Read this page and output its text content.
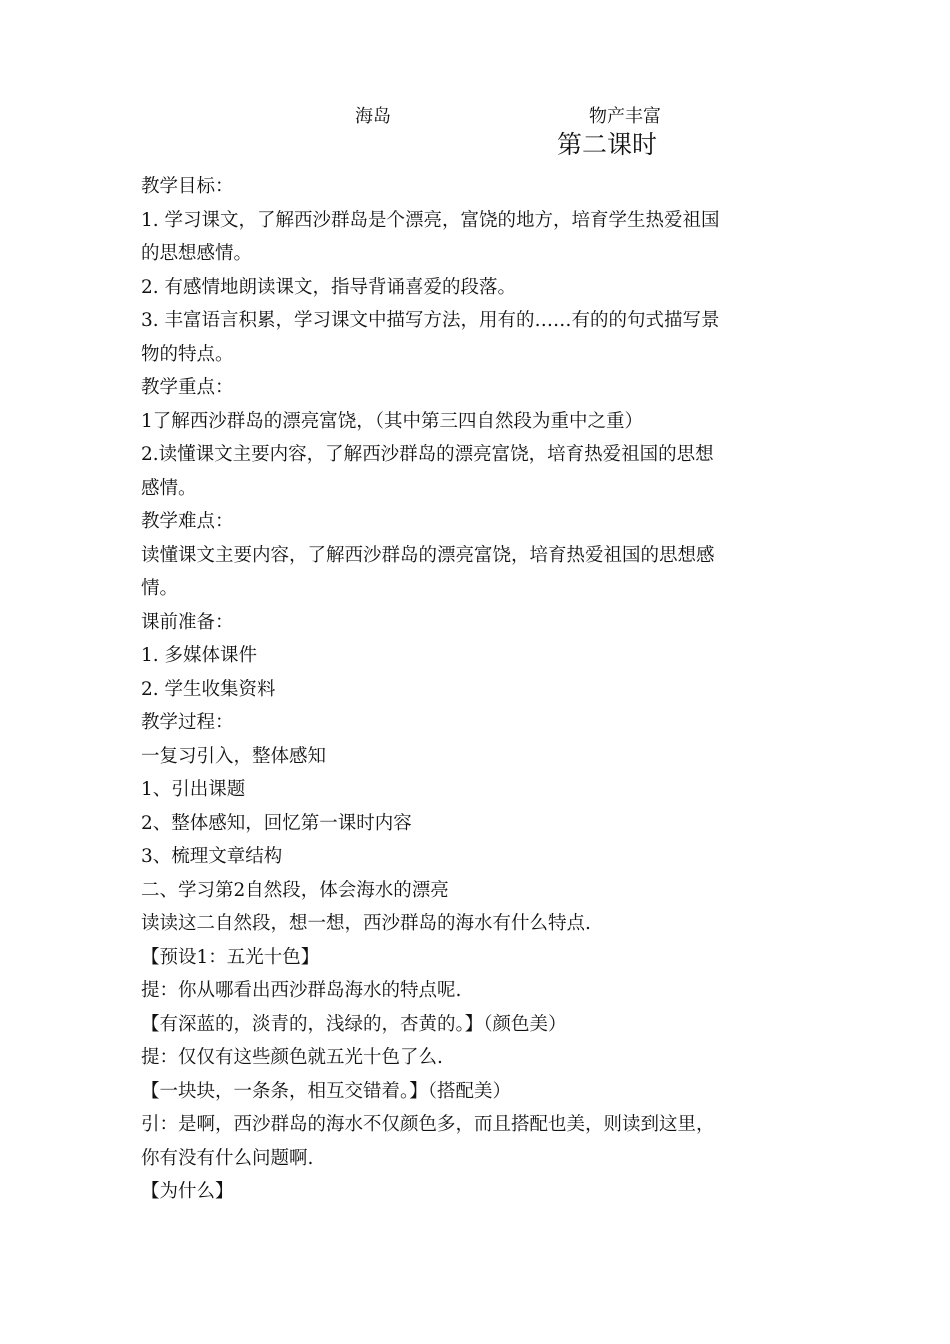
海岛	物产丰富
第二课时
教学目标：
1. 学习课文，了解西沙群岛是个漂亮，富饶的地方，培育学生热爱祖国
的思想感情。
2. 有感情地朗读课文，指导背诵喜爱的段落。
3. 丰富语言积累，学习课文中描写方法，用有的……有的的句式描写景
物的特点。
教学重点：
1了解西沙群岛的漂亮富饶，（其中第三四自然段为重中之重）
2.读懂课文主要内容，了解西沙群岛的漂亮富饶，培育热爱祖国的思想
感情。
教学难点：
读懂课文主要内容，了解西沙群岛的漂亮富饶，培育热爱祖国的思想感
情。
课前准备：
1. 多媒体课件
2. 学生收集资料
教学过程：
一复习引入，整体感知
1、引出课题
2、整体感知，回忆第一课时内容
3、梳理文章结构
二、学习第2自然段，体会海水的漂亮
读读这二自然段，想一想，西沙群岛的海水有什么特点.
【预设1：五光十色】
提：你从哪看出西沙群岛海水的特点呢.
【有深蓝的，淡青的，浅绿的，杏黄的。】（颜色美）
提：仅仅有这些颜色就五光十色了么.
【一块块，一条条，相互交错着。】（搭配美）
引：是啊，西沙群岛的海水不仅颜色多，而且搭配也美，则读到这里，
你有没有什么问题啊.
【为什么】
